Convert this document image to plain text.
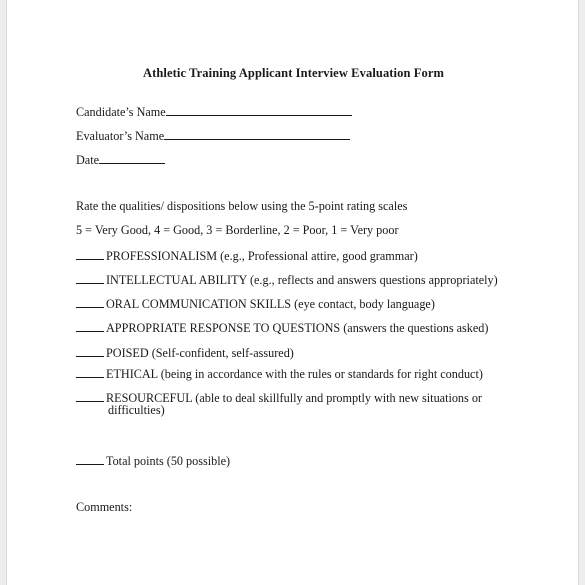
Athletic Training Applicant Interview Evaluation Form
Candidate’s Name
Evaluator’s Name
Date
Rate the qualities/ dispositions below using the 5-point rating scales
5 = Very Good, 4 = Good, 3 = Borderline, 2 = Poor, 1 = Very poor
PROFESSIONALISM (e.g., Professional attire, good grammar)
INTELLECTUAL ABILITY (e.g., reflects and answers questions appropriately)
ORAL COMMUNICATION SKILLS (eye contact, body language)
APPROPRIATE RESPONSE TO QUESTIONS (answers the questions asked)
POISED (Self-confident, self-assured)
ETHICAL (being in accordance with the rules or standards for right conduct)
RESOURCEFUL (able to deal skillfully and promptly with new situations or
difficulties)
Total points (50 possible)
Comments:
